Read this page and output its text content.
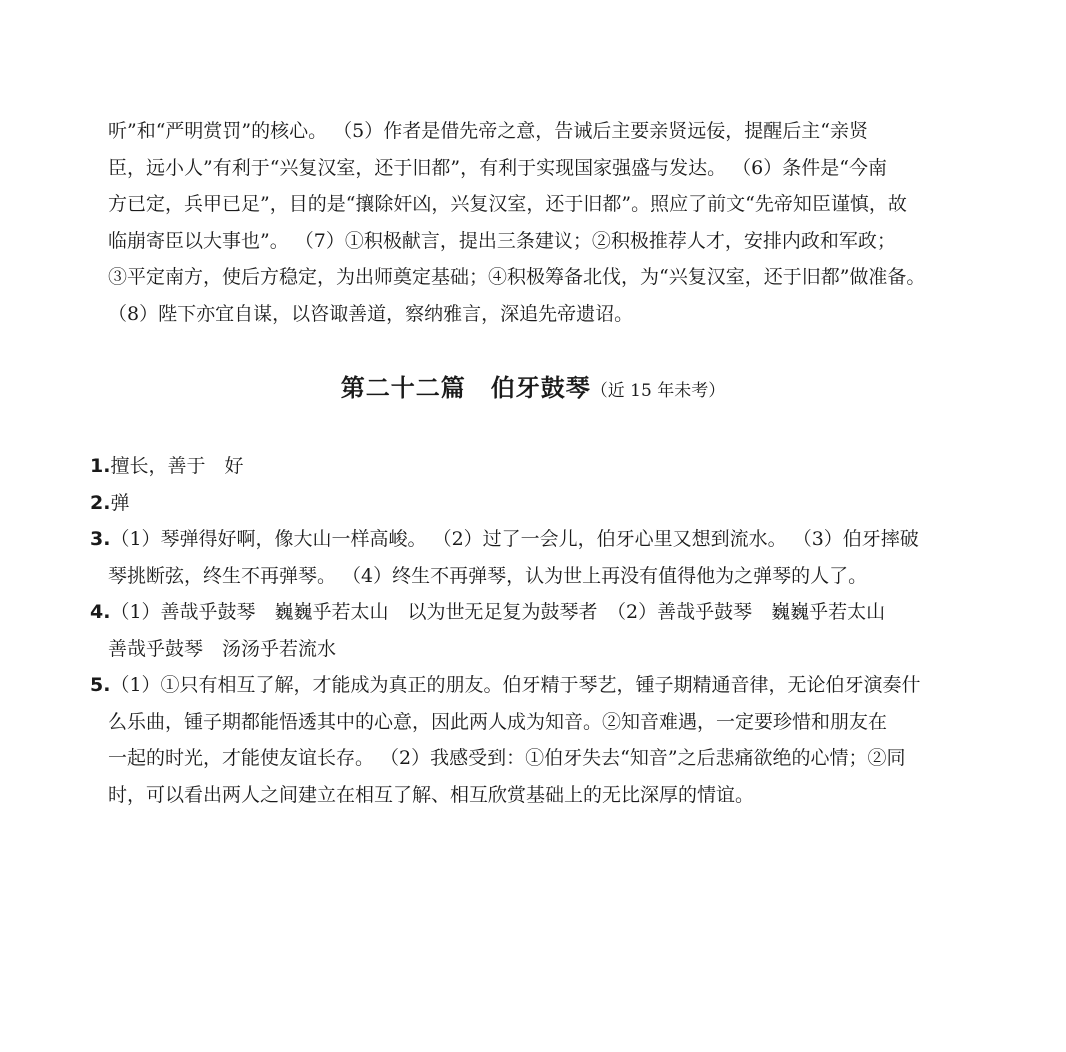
听”和“严明赏罚”的核心。 （5）作者是借先帝之意，告诫后主要亲贤远佞，提醒后主“亲贤
臣，远小人”有利于“兴复汉室，还于旧都”，有利于实现国家强盛与发达。 （6）条件是“今南
方已定，兵甲已足”，目的是“攘除奸凶，兴复汉室，还于旧都”。照应了前文“先帝知臣谨慎，故
临崩寄臣以大事也”。 （7）①积极献言，提出三条建议；②积极推荐人才，安排内政和军政；
③平定南方，使后方稳定，为出师奠定基础；④积极筹备北伐，为“兴复汉室，还于旧都”做准备。
（8）陛下亦宜自谋，以咨诹善道，察纳雅言，深追先帝遗诏。
第二十二篇　伯牙鼓琴（近 15 年未考）
1.擅长，善于　好
2.弹
3.（1）琴弹得好啊，像大山一样高峻。 （2）过了一会儿，伯牙心里又想到流水。 （3）伯牙摔破
琴挑断弦，终生不再弹琴。 （4）终生不再弹琴，认为世上再没有值得他为之弹琴的人了。
4.（1）善哉乎鼓琴　巍巍乎若太山　以为世无足复为鼓琴者　（2）善哉乎鼓琴　巍巍乎若太山
善哉乎鼓琴　汤汤乎若流水
5.（1）①只有相互了解，才能成为真正的朋友。伯牙精于琴艺，锺子期精通音律，无论伯牙演奏什
么乐曲，锺子期都能悟透其中的心意，因此两人成为知音。②知音难遇，一定要珍惜和朋友在
一起的时光，才能使友谊长存。 （2）我感受到：①伯牙失去“知音”之后悲痛欲绝的心情；②同
时，可以看出两人之间建立在相互了解、相互欣赏基础上的无比深厚的情谊。
